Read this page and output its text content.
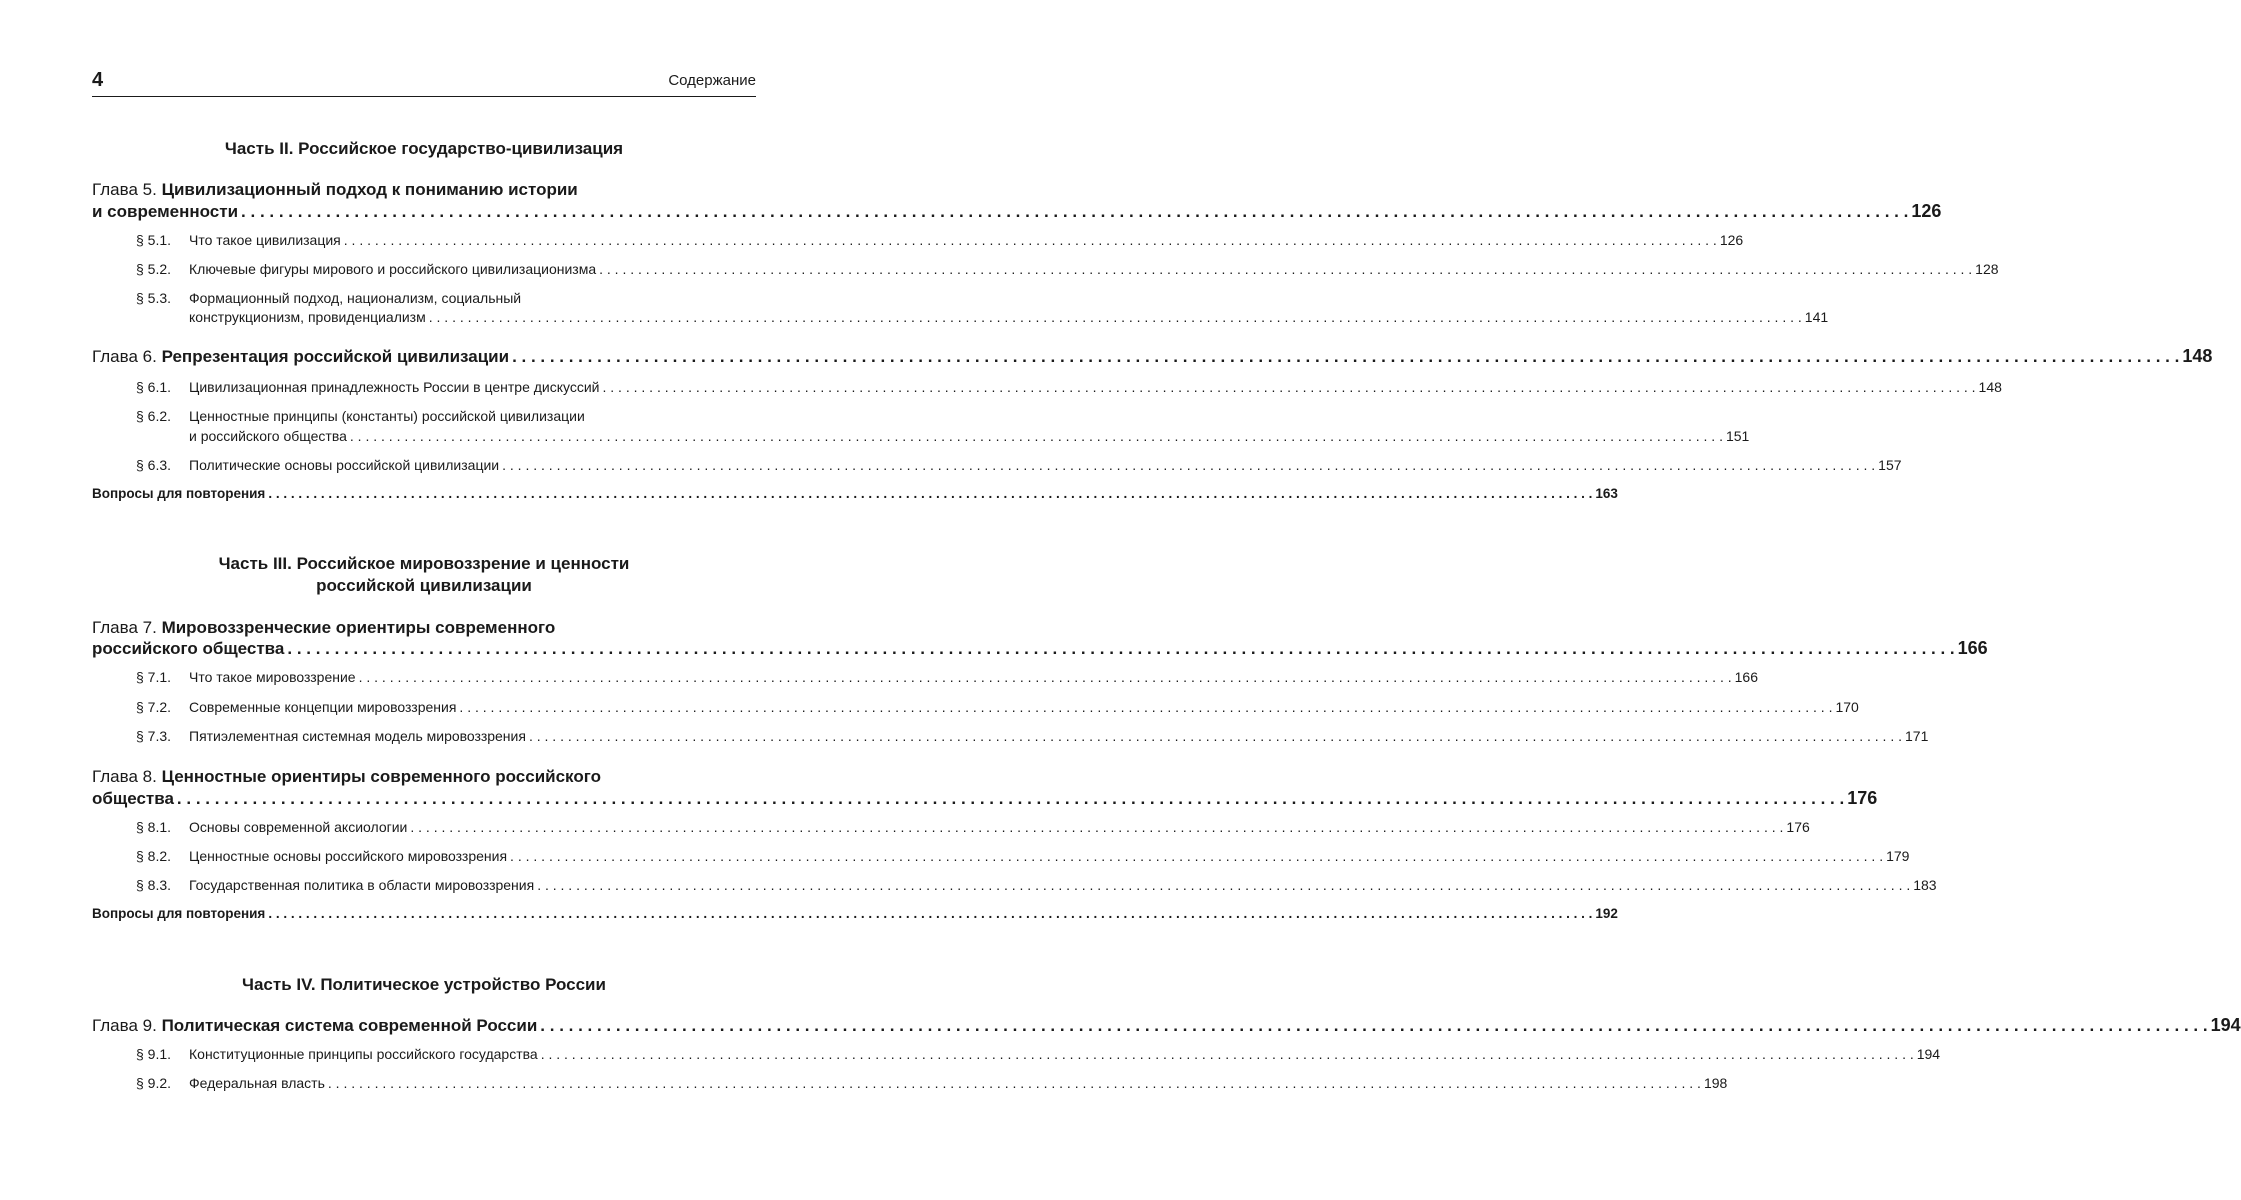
4	Содержание
Часть II. Российское государство-цивилизация
Глава 5. Цивилизационный подход к пониманию истории
и современности . . .	126
§ 5.1. Что такое цивилизация . . .	126
§ 5.2. Ключевые фигуры мирового и российского цивилизационизма . . .	128
§ 5.3. Формационный подход, национализм, социальный
конструкционизм, провиденциализм . . .	141
Глава 6. Репрезентация российской цивилизации . . .	148
§ 6.1. Цивилизационная принадлежность России в центре дискуссий . . .	148
§ 6.2. Ценностные принципы (константы) российской цивилизации
и российского общества . . .	151
§ 6.3. Политические основы российской цивилизации . . .	157
Вопросы для повторения . . .	163
Часть III. Российское мировоззрение и ценности
российской цивилизации
Глава 7. Мировоззренческие ориентиры современного
российского общества . . .	166
§ 7.1. Что такое мировоззрение . . .	166
§ 7.2. Современные концепции мировоззрения . . .	170
§ 7.3. Пятиэлементная системная модель мировоззрения . . .	171
Глава 8. Ценностные ориентиры современного российского
общества . . .	176
§ 8.1. Основы современной аксиологии . . .	176
§ 8.2. Ценностные основы российского мировоззрения . . .	179
§ 8.3. Государственная политика в области мировоззрения . . .	183
Вопросы для повторения . . .	192
Часть IV. Политическое устройство России
Глава 9. Политическая система современной России . . .	194
§ 9.1. Конституционные принципы российского государства . . .	194
§ 9.2. Федеральная власть . . .	198
